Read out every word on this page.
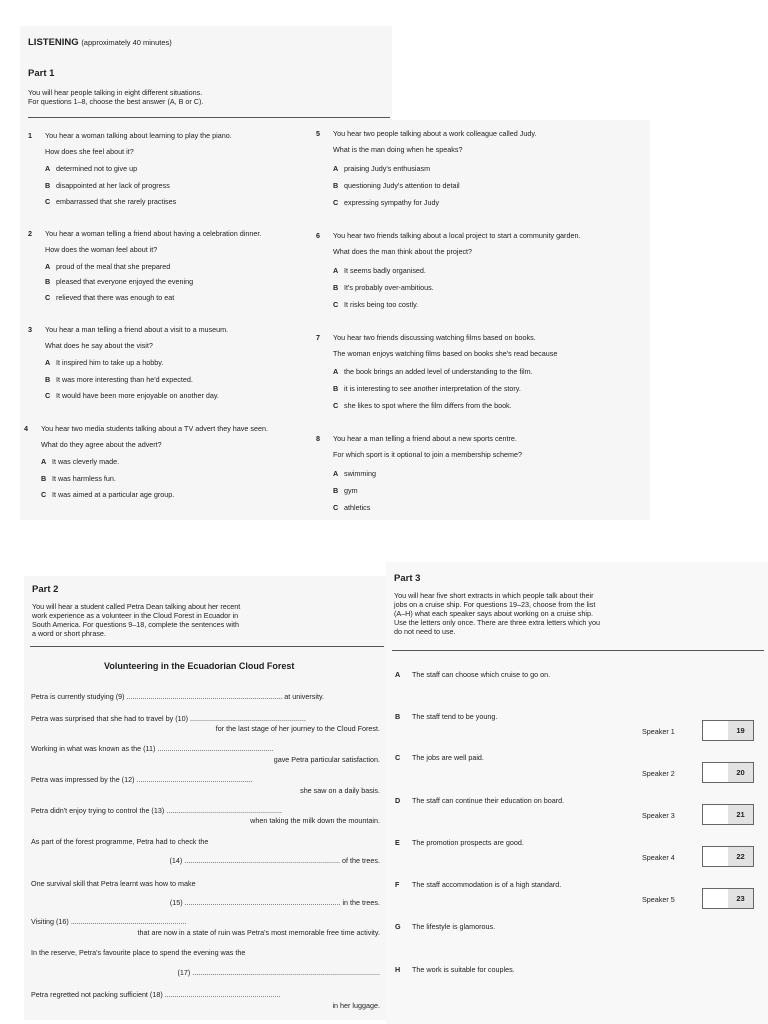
LISTENING (approximately 40 minutes)
Part 1
You will hear people talking in eight different situations.
For questions 1–8, choose the best answer (A, B or C).
1 You hear a woman talking about learning to play the piano.
How does she feel about it?
A determined not to give up
B disappointed at her lack of progress
C embarrassed that she rarely practises
2 You hear a woman telling a friend about having a celebration dinner.
How does the woman feel about it?
A proud of the meal that she prepared
B pleased that everyone enjoyed the evening
C relieved that there was enough to eat
3 You hear a man telling a friend about a visit to a museum.
What does he say about the visit?
A It inspired him to take up a hobby.
B It was more interesting than he'd expected.
C It would have been more enjoyable on another day.
4 You hear two media students talking about a TV advert they have seen.
What do they agree about the advert?
A It was cleverly made.
B It was harmless fun.
C It was aimed at a particular age group.
5 You hear two people talking about a work colleague called Judy.
What is the man doing when he speaks?
A praising Judy's enthusiasm
B questioning Judy's attention to detail
C expressing sympathy for Judy
6 You hear two friends talking about a local project to start a community garden.
What does the man think about the project?
A It seems badly organised.
B It's probably over-ambitious.
C It risks being too costly.
7 You hear two friends discussing watching films based on books.
The woman enjoys watching films based on books she's read because
A the book brings an added level of understanding to the film.
B it is interesting to see another interpretation of the story.
C she likes to spot where the film differs from the book.
8 You hear a man telling a friend about a new sports centre.
For which sport is it optional to join a membership scheme?
A swimming
B gym
C athletics
Part 2
You will hear a student called Petra Dean talking about her recent
work experience as a volunteer in the Cloud Forest in Ecuador in
South America. For questions 9–18, complete the sentences with
a word or short phrase.
Volunteering in the Ecuadorian Cloud Forest
Petra is currently studying (9) .............................................................................. at university.
Petra was surprised that she had to travel by (10) ..........................................................
for the last stage of her journey to the Cloud Forest.
Working in what was known as the (11) ..........................................................
gave Petra particular satisfaction.
Petra was impressed by the (12) ..........................................................
she saw on a daily basis.
Petra didn't enjoy trying to control the (13) ..........................................................
when taking the milk down the mountain.
As part of the forest programme, Petra had to check the
(14) .............................................................................. of the trees.
One survival skill that Petra learnt was how to make
(15) .............................................................................. in the trees.
Visiting (16) ..........................................................
that are now in a state of ruin was Petra's most memorable free time activity.
In the reserve, Petra's favourite place to spend the evening was the
(17) ..............................................................................................
Petra regretted not packing sufficient (18) ..........................................................
in her luggage.
Part 3
You will hear five short extracts in which people talk about their
jobs on a cruise ship. For questions 19–23, choose from the list
(A–H) what each speaker says about working on a cruise ship.
Use the letters only once. There are three extra letters which you
do not need to use.
A The staff can choose which cruise to go on.
B The staff tend to be young.
C The jobs are well paid.
D The staff can continue their education on board.
E The promotion prospects are good.
F The staff accommodation is of a high standard.
G The lifestyle is glamorous.
H The work is suitable for couples.
Speaker 1	19
Speaker 2	20
Speaker 3	21
Speaker 4	22
Speaker 5	23
